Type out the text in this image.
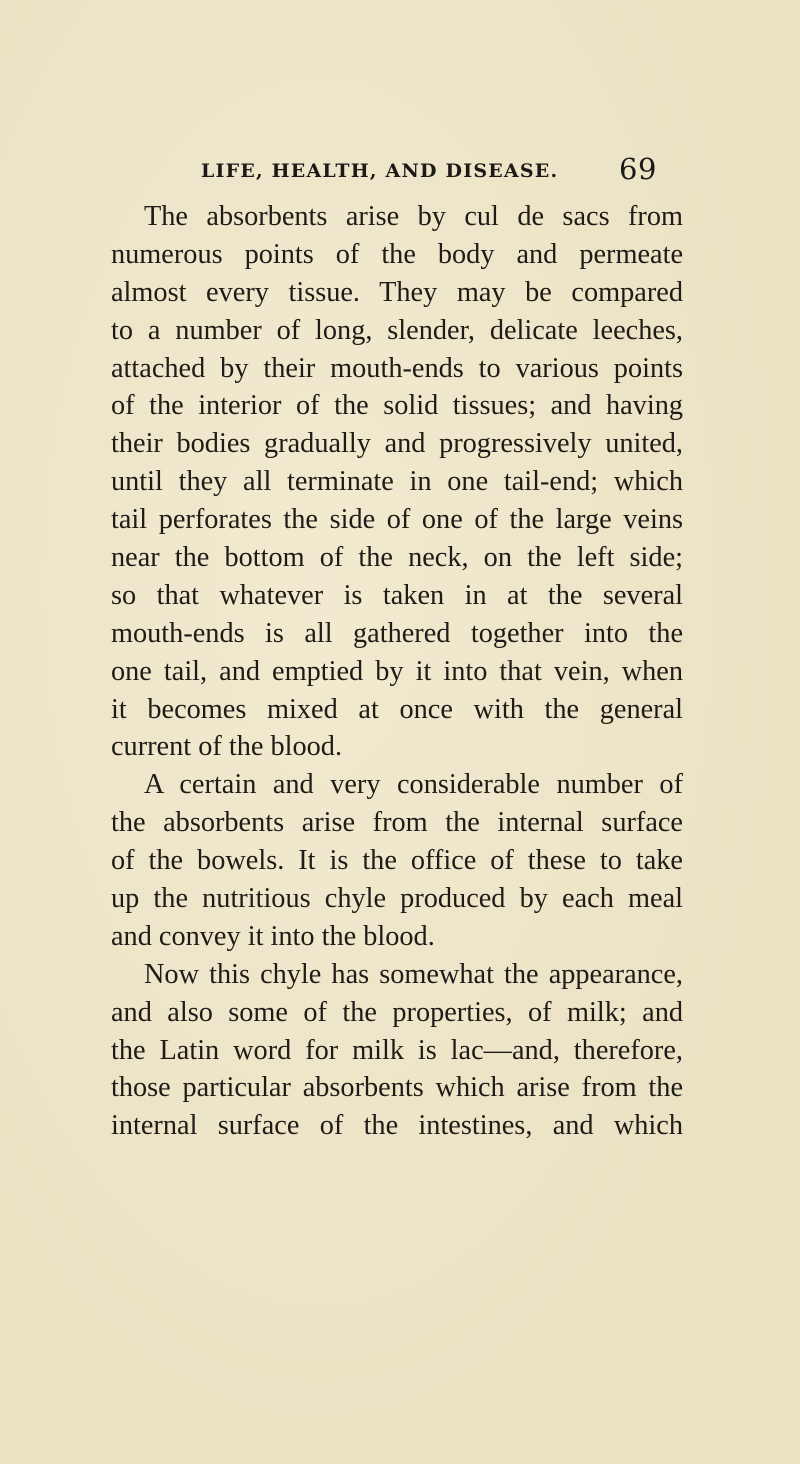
LIFE, HEALTH, AND DISEASE. 69
The absorbents arise by cul de sacs from
numerous points of the body and permeate
almost every tissue. They may be compared
to a number of long, slender, delicate leeches,
attached by their mouth-ends to various points
of the interior of the solid tissues; and having
their bodies gradually and progressively united,
until they all terminate in one tail-end; which
tail perforates the side of one of the large veins
near the bottom of the neck, on the left side;
so that whatever is taken in at the several
mouth-ends is all gathered together into the
one tail, and emptied by it into that vein, when
it becomes mixed at once with the general
current of the blood.
A certain and very considerable number of
the absorbents arise from the internal surface
of the bowels. It is the office of these to take
up the nutritious chyle produced by each meal
and convey it into the blood.
Now this chyle has somewhat the appearance,
and also some of the properties, of milk; and
the Latin word for milk is lac—and, therefore,
those particular absorbents which arise from the
internal surface of the intestines, and which
